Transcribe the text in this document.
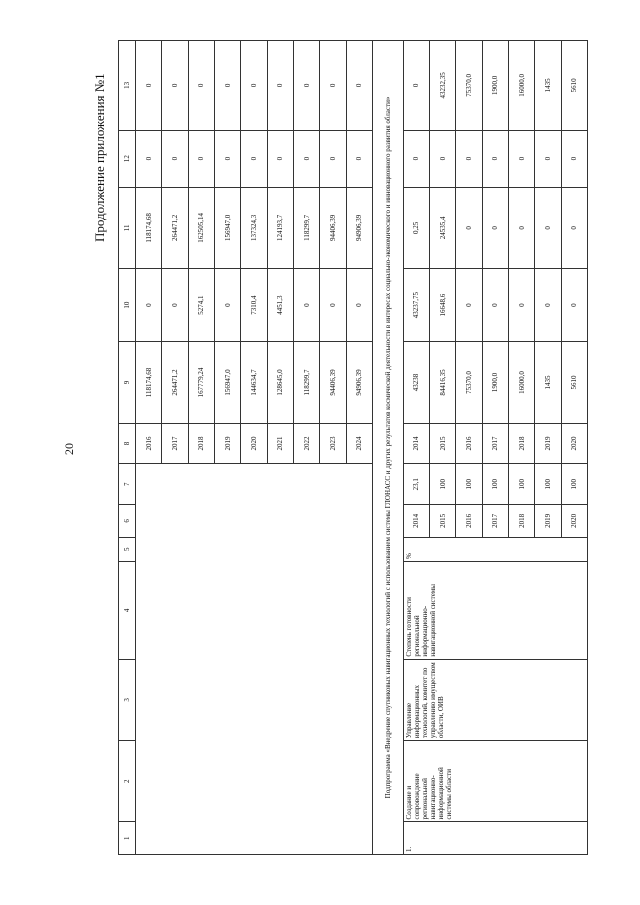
20
Продолжение приложения №1
1	2	3	4	5	6	7	8	9	10	11	12	13
							2016	118174,68	0	118174,68	0	0
							2017	264471,2	0	264471,2	0	0
							2018	167779,24	5274,1	162505,14	0	0
							2019	156947,0	0	156947,0	0	0
							2020	144634,7	7310,4	137324,3	0	0
							2021	128645,0	4451,3	124193,7	0	0
							2022	118299,7	0	118299,7	0	0
							2023	94406,39	0	94406,39	0	0
							2024	94906,39	0	94906,39	0	0
Подпрограмма «Внедрение спутниковых навигационных технологий с использованием системы ГЛОНАСС и других результатов космической деятельности в интересах социально-экономического и инновационного развития области»												
1.	Создание и сопровождение региональной навигационно-информационной системы области	Управление информационных технологий, комитет по управлению имуществом области, ОИВ	Степень готовности региональной информационно-навигационной системы	%	2014	23,1	2014	43238	43237,75	0,25	0	0
					2015	100	2015	84416,35	16648,6	24535,4	0	43232,35
					2016	100	2016	75370,0	0	0	0	75370,0
					2017	100	2017	1900,0	0	0	0	1900,0
					2018	100	2018	16000,0	0	0	0	16000,0
					2019	100	2019	1435	0	0	0	1435
					2020	100	2020	5610	0	0	0	5610
